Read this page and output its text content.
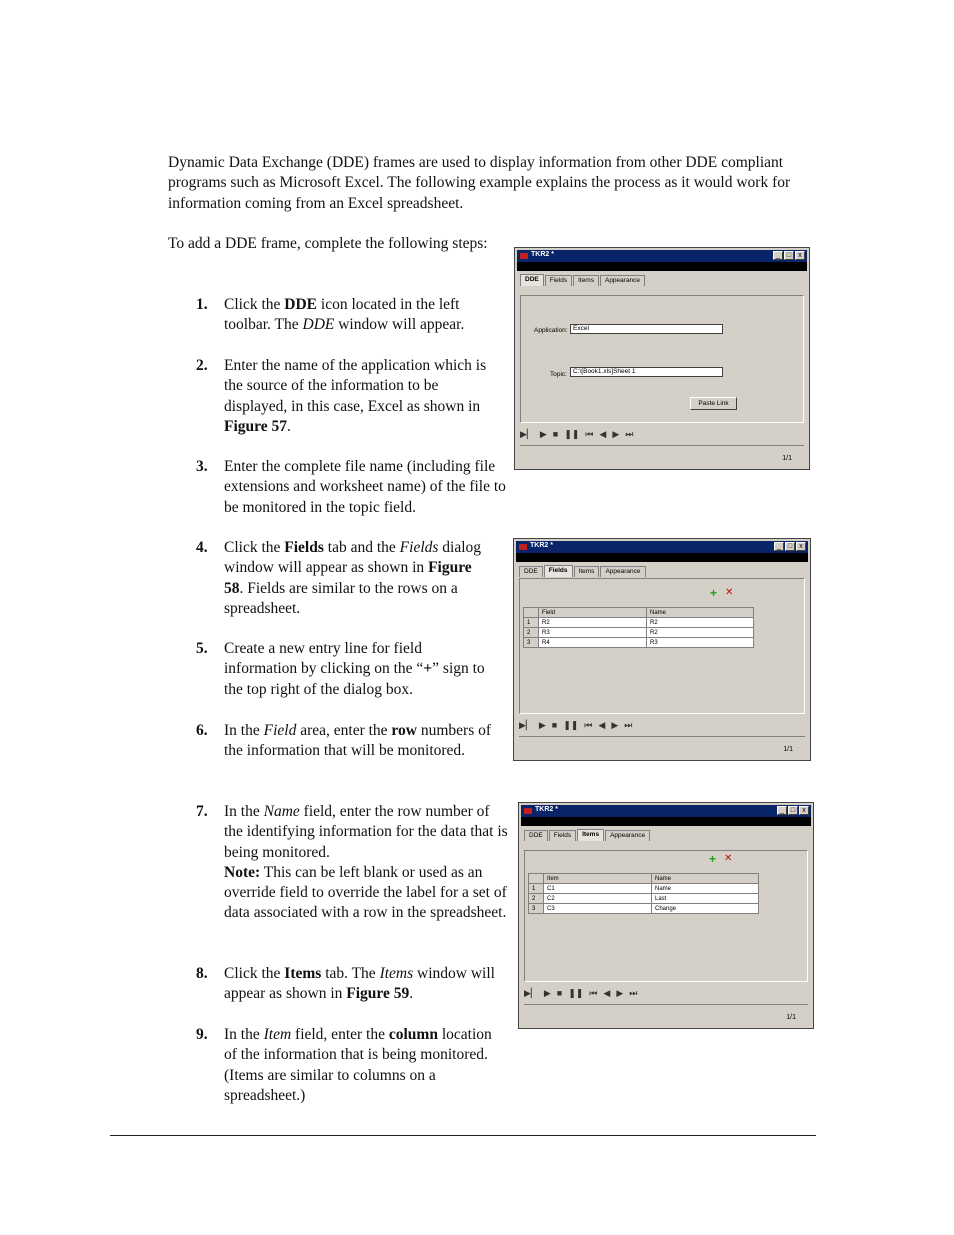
Dynamic Data Exchange (DDE) frames are used to display information from other DDE compliant programs such as Microsoft Excel. The following example explains the process as it would work for information coming from an Excel spreadsheet.

To add a DDE frame, complete the following steps:

1. Click the DDE icon located in the left toolbar. The DDE window will appear.
2. Enter the name of the application which is the source of the information to be displayed, in this case, Excel as shown in Figure 57.
3. Enter the complete file name (including file extensions and worksheet name) of the file to be monitored in the topic field.
4. Click the Fields tab and the Fields dialog window will appear as shown in Figure 58. Fields are similar to the rows on a spreadsheet.
5. Create a new entry line for field information by clicking on the “+” sign to the top right of the dialog box.
6. In the Field area, enter the row numbers of the information that will be monitored.
7. In the Name field, enter the row number of the identifying information for the data that is being monitored.
Note: This can be left blank or used as an override field to override the label for a set of data associated with a row in the spreadsheet.
8. Click the Items tab. The Items window will appear as shown in Figure 59.
9. In the Item field, enter the column location of the information that is being monitored. (Items are similar to columns on a spreadsheet.)
TKR2 *	_ □	x
DDE	Fields	Items	Appearance
Application: Excel
Topic: C:\[Book1.xls]Sheet 1
Paste Link
▶▏ ▶ ■ ❚❚ ⏮ ◀ ▶ ⏭
1/1
TKR2 *	_ □	x
DDE	Fields	Items	Appearance
+ ✕
	Field	Name
1	R2	R2
2	R3	R2
3	R4	R3
▶▏ ▶ ■ ❚❚ ⏮ ◀ ▶ ⏭
1/1
TKR2 *	_ □	x
DDE	Fields	Items	Appearance
+ ✕
	Item	Name
1	C1	Name
2	C2	Last
3	C3	Change
▶▏ ▶ ■ ❚❚ ⏮ ◀ ▶ ⏭
1/1
